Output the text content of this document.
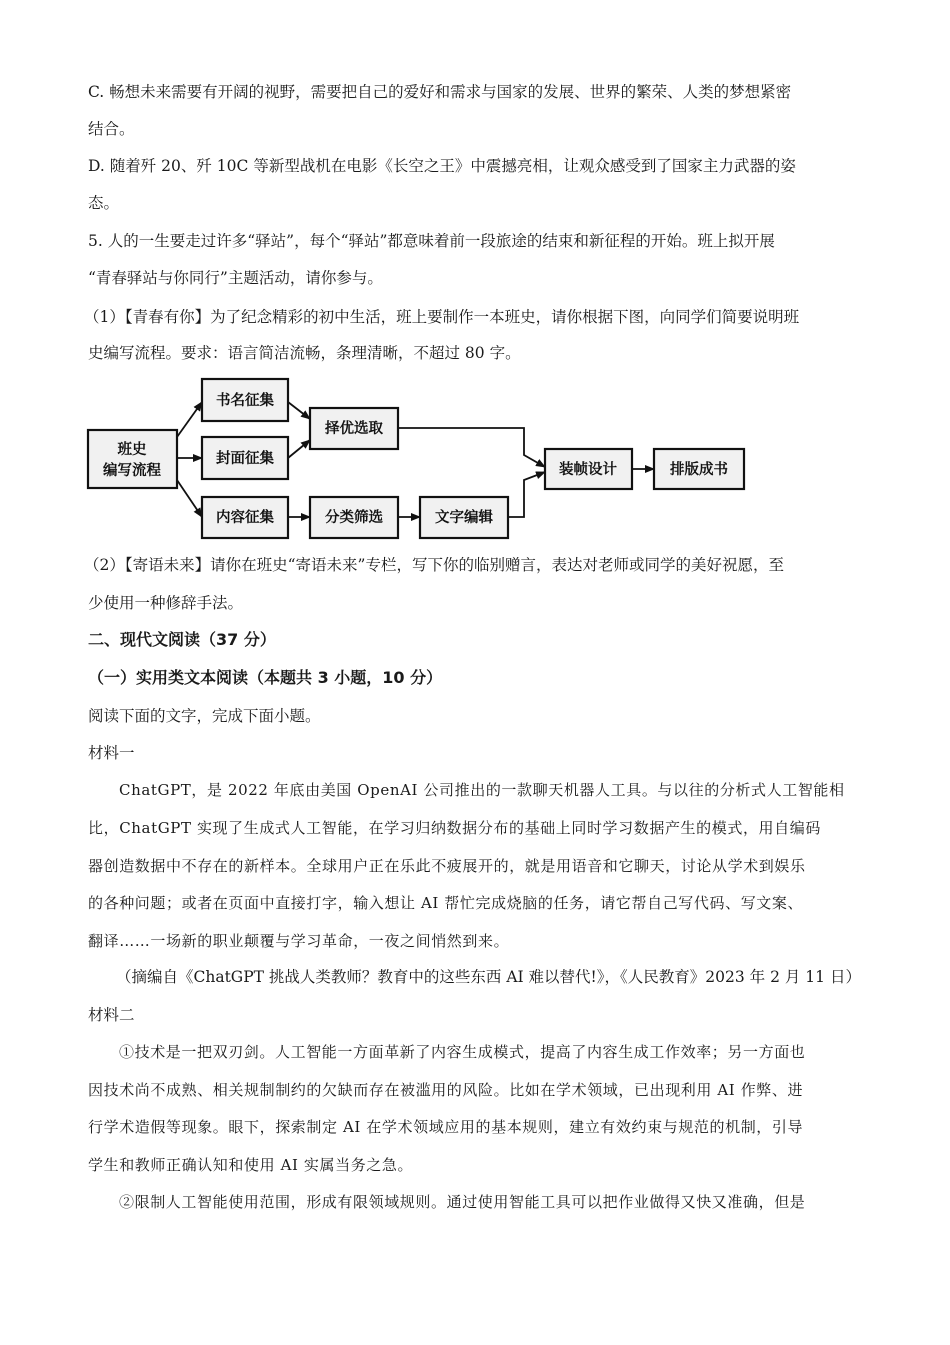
C. 畅想未来需要有开阔的视野，需要把自己的爱好和需求与国家的发展、世界的繁荣、人类的梦想紧密
结合。
D. 随着歼 20、歼 10C 等新型战机在电影《长空之王》中震撼亮相，让观众感受到了国家主力武器的姿
态。
5. 人的一生要走过许多“驿站”，每个“驿站”都意味着前一段旅途的结束和新征程的开始。班上拟开展
“青春驿站与你同行”主题活动，请你参与。
（1）【青春有你】为了纪念精彩的初中生活，班上要制作一本班史，请你根据下图，向同学们简要说明班
史编写流程。要求：语言简洁流畅，条理清晰，不超过 80 字。
班史
编写流程
书名征集
封面征集
内容征集
择优选取
分类筛选	文字编辑
装帧设计	排版成书
（2）【寄语未来】请你在班史“寄语未来”专栏，写下你的临别赠言，表达对老师或同学的美好祝愿，至
少使用一种修辞手法。
二、现代文阅读（37 分）
（一）实用类文本阅读（本题共 3 小题，10 分）
阅读下面的文字，完成下面小题。
材料一
ChatGPT，是 2022 年底由美国 OpenAI 公司推出的一款聊天机器人工具。与以往的分析式人工智能相
比，ChatGPT 实现了生成式人工智能，在学习归纳数据分布的基础上同时学习数据产生的模式，用自编码
器创造数据中不存在的新样本。全球用户正在乐此不疲展开的，就是用语音和它聊天，讨论从学术到娱乐
的各种问题；或者在页面中直接打字，输入想让 AI 帮忙完成烧脑的任务，请它帮自己写代码、写文案、
翻译……一场新的职业颠覆与学习革命，一夜之间悄然到来。
（摘编自《ChatGPT 挑战人类教师？教育中的这些东西 AI 难以替代!》，《人民教育》2023 年 2 月 11 日）
材料二
①技术是一把双刃剑。人工智能一方面革新了内容生成模式，提高了内容生成工作效率；另一方面也
因技术尚不成熟、相关规制制约的欠缺而存在被滥用的风险。比如在学术领域，已出现利用 AI 作弊、进
行学术造假等现象。眼下，探索制定 AI 在学术领域应用的基本规则，建立有效约束与规范的机制，引导
学生和教师正确认知和使用 AI 实属当务之急。
②限制人工智能使用范围，形成有限领域规则。通过使用智能工具可以把作业做得又快又准确，但是
